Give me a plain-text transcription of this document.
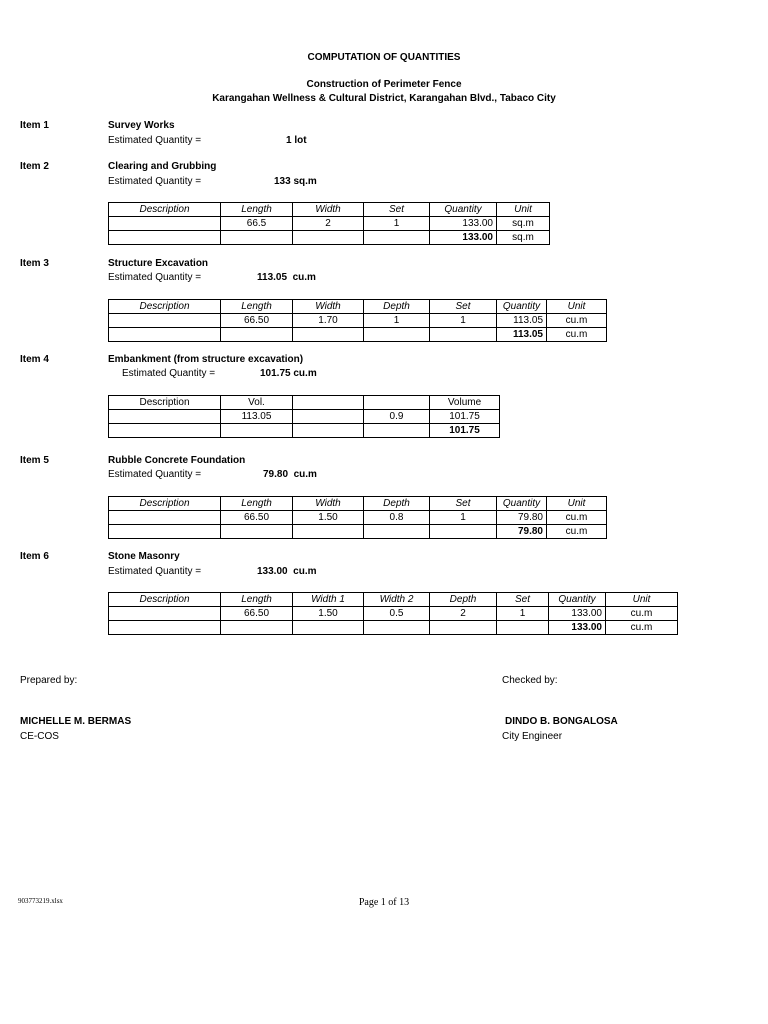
COMPUTATION OF QUANTITIES
Construction of Perimeter Fence
Karangahan Wellness & Cultural District, Karangahan Blvd., Tabaco City
Item 1	Survey Works
Estimated Quantity =	1 lot
Item 2	Clearing and Grubbing
Estimated Quantity =	133 sq.m
Description	Length	Width	Set	Quantity	Unit
	66.5	2	1	133.00	sq.m
				133.00	sq.m
Item 3	Structure Excavation
Estimated Quantity =	113.05  cu.m
Description	Length	Width	Depth	Set	Quantity	Unit
	66.50	1.70	1	1	113.05	cu.m
					113.05	cu.m
Item 4	Embankment (from structure excavation)
Estimated Quantity =	101.75 cu.m
Description	Vol.			Volume
	113.05		0.9	101.75
				101.75
Item 5	Rubble Concrete Foundation
Estimated Quantity =	79.80  cu.m
Description	Length	Width	Depth	Set	Quantity	Unit
	66.50	1.50	0.8	1	79.80	cu.m
					79.80	cu.m
Item 6	Stone Masonry
Estimated Quantity =	133.00  cu.m
Description	Length	Width 1	Width 2	Depth	Set	Quantity	Unit
	66.50	1.50	0.5	2	1	133.00	cu.m
						133.00	cu.m
Prepared by:
MICHELLE M. BERMAS
CE-COS
Checked by:
DINDO B. BONGALOSA
City Engineer
903773219.xlsx	Page 1 of 13
